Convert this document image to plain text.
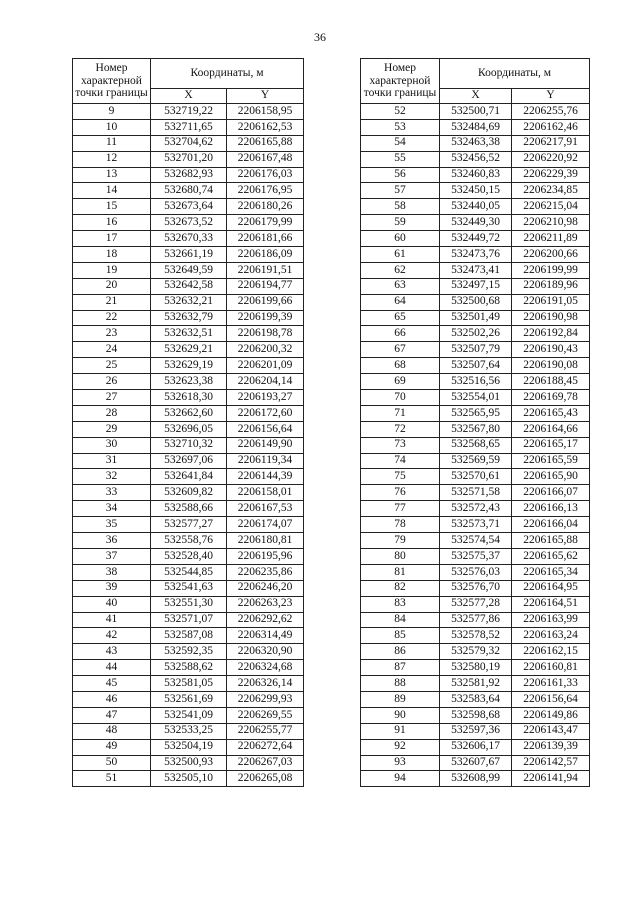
36
Номер характерной точки границы	Координаты, м	
	X	Y
9	532719,22	2206158,95
10	532711,65	2206162,53
11	532704,62	2206165,88
12	532701,20	2206167,48
13	532682,93	2206176,03
14	532680,74	2206176,95
15	532673,64	2206180,26
16	532673,52	2206179,99
17	532670,33	2206181,66
18	532661,19	2206186,09
19	532649,59	2206191,51
20	532642,58	2206194,77
21	532632,21	2206199,66
22	532632,79	2206199,39
23	532632,51	2206198,78
24	532629,21	2206200,32
25	532629,19	2206201,09
26	532623,38	2206204,14
27	532618,30	2206193,27
28	532662,60	2206172,60
29	532696,05	2206156,64
30	532710,32	2206149,90
31	532697,06	2206119,34
32	532641,84	2206144,39
33	532609,82	2206158,01
34	532588,66	2206167,53
35	532577,27	2206174,07
36	532558,76	2206180,81
37	532528,40	2206195,96
38	532544,85	2206235,86
39	532541,63	2206246,20
40	532551,30	2206263,23
41	532571,07	2206292,62
42	532587,08	2206314,49
43	532592,35	2206320,90
44	532588,62	2206324,68
45	532581,05	2206326,14
46	532561,69	2206299,93
47	532541,09	2206269,55
48	532533,25	2206255,77
49	532504,19	2206272,64
50	532500,93	2206267,03
51	532505,10	2206265,08
Номер характерной точки границы	Координаты, м	
	X	Y
52	532500,71	2206255,76
53	532484,69	2206162,46
54	532463,38	2206217,91
55	532456,52	2206220,92
56	532460,83	2206229,39
57	532450,15	2206234,85
58	532440,05	2206215,04
59	532449,30	2206210,98
60	532449,72	2206211,89
61	532473,76	2206200,66
62	532473,41	2206199,99
63	532497,15	2206189,96
64	532500,68	2206191,05
65	532501,49	2206190,98
66	532502,26	2206192,84
67	532507,79	2206190,43
68	532507,64	2206190,08
69	532516,56	2206188,45
70	532554,01	2206169,78
71	532565,95	2206165,43
72	532567,80	2206164,66
73	532568,65	2206165,17
74	532569,59	2206165,59
75	532570,61	2206165,90
76	532571,58	2206166,07
77	532572,43	2206166,13
78	532573,71	2206166,04
79	532574,54	2206165,88
80	532575,37	2206165,62
81	532576,03	2206165,34
82	532576,70	2206164,95
83	532577,28	2206164,51
84	532577,86	2206163,99
85	532578,52	2206163,24
86	532579,32	2206162,15
87	532580,19	2206160,81
88	532581,92	2206161,33
89	532583,64	2206156,64
90	532598,68	2206149,86
91	532597,36	2206143,47
92	532606,17	2206139,39
93	532607,67	2206142,57
94	532608,99	2206141,94
